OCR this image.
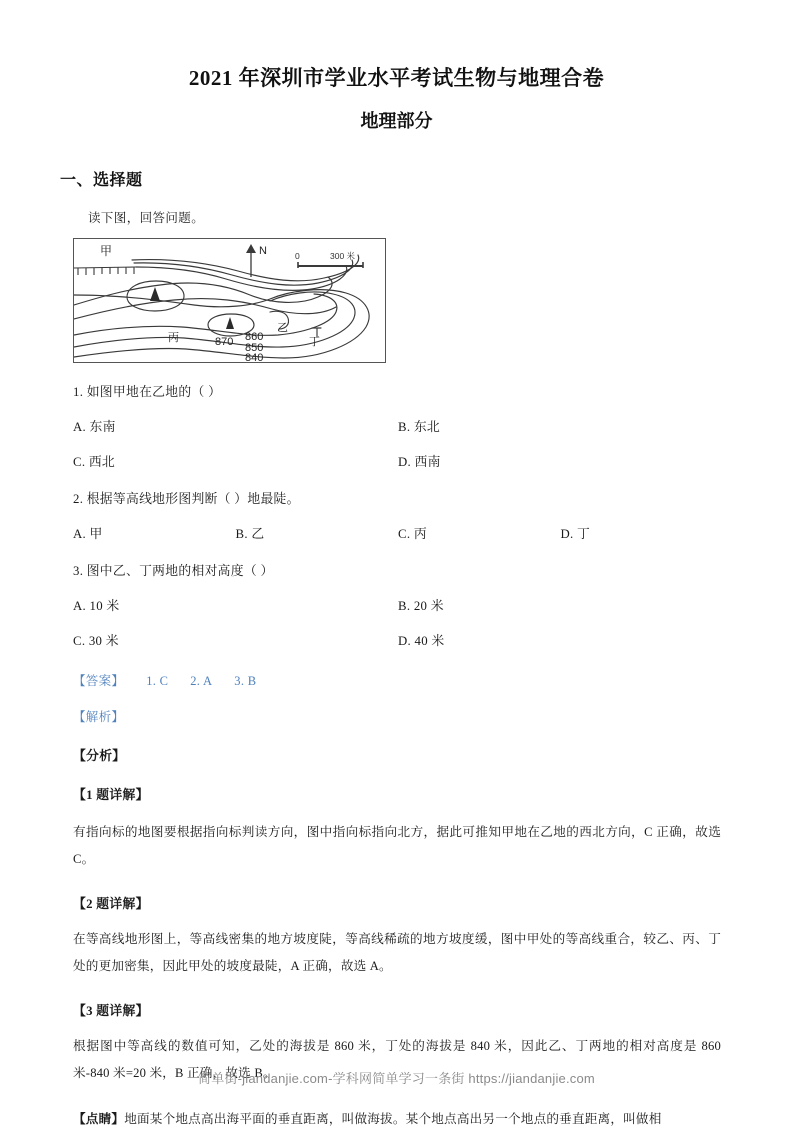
2021 年深圳市学业水平考试生物与地理合卷
地理部分
一、选择题
读下图，回答问题。
N	0	300 米
甲
乙
丙	丁
870 860
850
840
1. 如图甲地在乙地的（ ）
A. 东南	B. 东北
C. 西北	D. 西南
2. 根据等高线地形图判断（ ）地最陡。
A. 甲	B. 乙	C. 丙	D. 丁
3. 图中乙、丁两地的相对高度（ ）
A. 10 米	B. 20 米
C. 30 米	D. 40 米
【答案】 1. C 2. A 3. B
【解析】
【分析】
【1 题详解】
有指向标的地图要根据指向标判读方向，图中指向标指向北方，据此可推知甲地在乙地的西北方向，C 正确，故选 C。
【2 题详解】
在等高线地形图上，等高线密集的地方坡度陡，等高线稀疏的地方坡度缓，图中甲处的等高线重合，较乙、丙、丁处的更加密集，因此甲处的坡度最陡，A 正确，故选 A。
【3 题详解】
根据图中等高线的数值可知，乙处的海拔是 860 米，丁处的海拔是 840 米，因此乙、丁两地的相对高度是 860 米-840 米=20 米，B 正确，故选 B。
【点睛】地面某个地点高出海平面的垂直距离，叫做海拔。某个地点高出另一个地点的垂直距离，叫做相
简单街-jiandanjie.com-学科网简单学习一条街 https://jiandanjie.com
